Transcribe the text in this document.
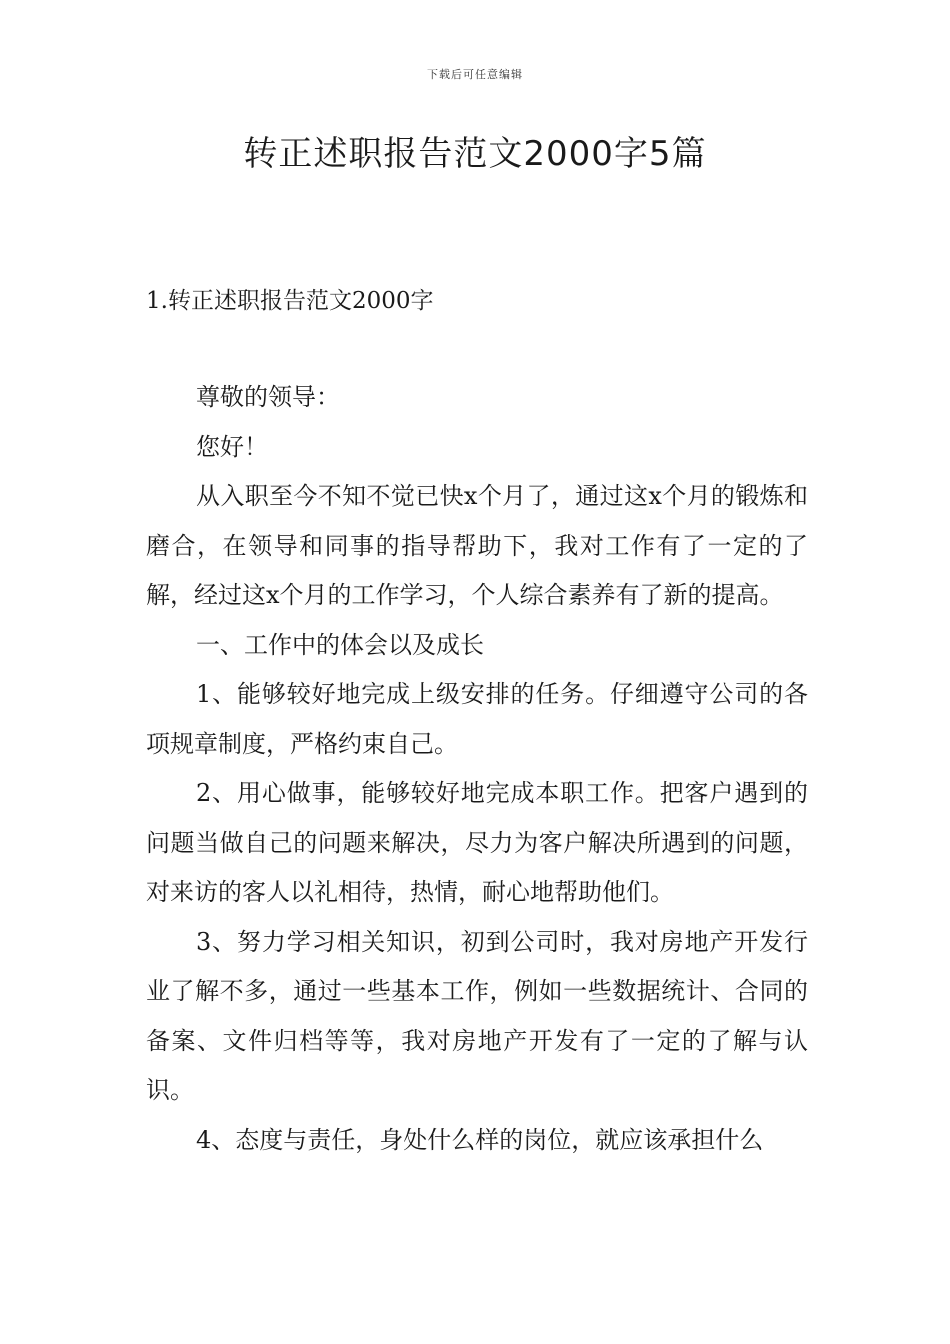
下载后可任意编辑
转正述职报告范文2000字5篇
1.转正述职报告范文2000字

尊敬的领导：

您好！

从入职至今不知不觉已快x个月了，通过这x个月的锻炼和磨合，在领导和同事的指导帮助下，我对工作有了一定的了解，经过这x个月的工作学习，个人综合素养有了新的提高。

一、工作中的体会以及成长

1、能够较好地完成上级安排的任务。仔细遵守公司的各项规章制度，严格约束自己。

2、用心做事，能够较好地完成本职工作。把客户遇到的问题当做自己的问题来解决，尽力为客户解决所遇到的问题，对来访的客人以礼相待，热情，耐心地帮助他们。

3、努力学习相关知识，初到公司时，我对房地产开发行业了解不多，通过一些基本工作，例如一些数据统计、合同的备案、文件归档等等，我对房地产开发有了一定的了解与认识。

4、态度与责任，身处什么样的岗位，就应该承担什么
